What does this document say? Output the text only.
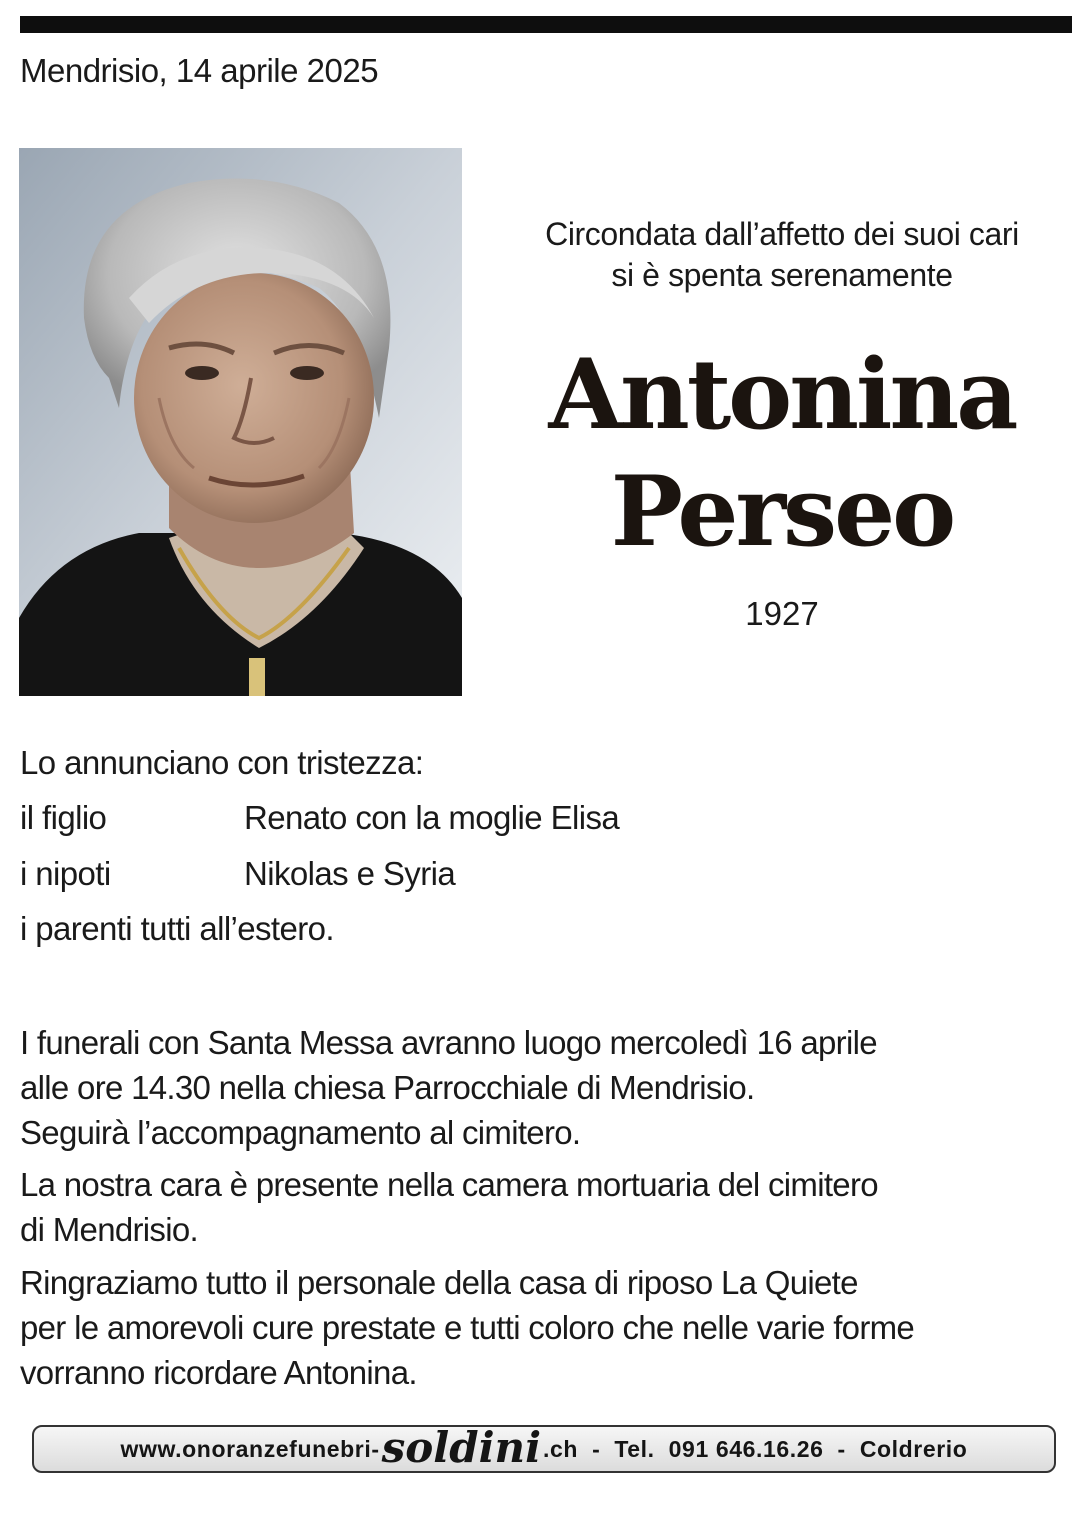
Mendrisio, 14 aprile 2025
Circondata dall’affetto dei suoi cari
si è spenta serenamente
Antonina
Perseo
1927
Lo annunciano con tristezza:
il figlio	Renato con la moglie Elisa
i nipoti	Nikolas e Syria
i parenti tutti all’estero.
I funerali con Santa Messa avranno luogo mercoledì 16 aprile
alle ore 14.30 nella chiesa Parrocchiale di Mendrisio.
Seguirà l’accompagnamento al cimitero.
La nostra cara è presente nella camera mortuaria del cimitero
di Mendrisio.
Ringraziamo tutto il personale della casa di riposo La Quiete
per le amorevoli cure prestate e tutti coloro che nelle varie forme
vorranno ricordare Antonina.
www.onoranzefunebri- soldini .ch - Tel. 091 646.16.26 - Coldrerio
